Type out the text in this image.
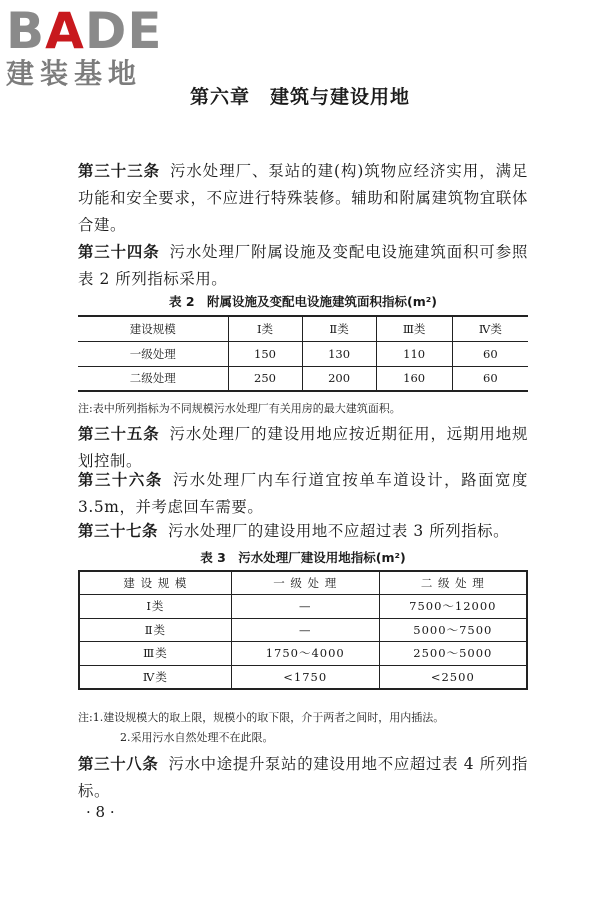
BADE
建装基地
第六章　建筑与建设用地

第三十三条 污水处理厂、泵站的建(构)筑物应经济实用，满足功能和安全要求，不应进行特殊装修。辅助和附属建筑物宜联体合建。

第三十四条 污水处理厂附属设施及变配电设施建筑面积可参照表 2 所列指标采用。

表 2　附属设施及变配电设施建筑面积指标(m²)

建设规模	Ⅰ类	Ⅱ类	Ⅲ类	Ⅳ类
一级处理	150	130	110	60
二级处理	250	200	160	60

注:表中所列指标为不同规模污水处理厂有关用房的最大建筑面积。

第三十五条 污水处理厂的建设用地应按近期征用，远期用地规划控制。

第三十六条 污水处理厂内车行道宜按单车道设计，路面宽度 3.5m，并考虑回车需要。

第三十七条 污水处理厂的建设用地不应超过表 3 所列指标。

表 3　污水处理厂建设用地指标(m²)

建 设 规 模	一 级 处 理	二 级 处 理
Ⅰ类	—	7500～12000
Ⅱ类	—	5000～7500
Ⅲ类	1750～4000	2500～5000
Ⅳ类	<1750	<2500

注:1.建设规模大的取上限，规模小的取下限，介于两者之间时，用内插法。

2.采用污水自然处理不在此限。

第三十八条 污水中途提升泵站的建设用地不应超过表 4 所列指标。

· 8 ·
